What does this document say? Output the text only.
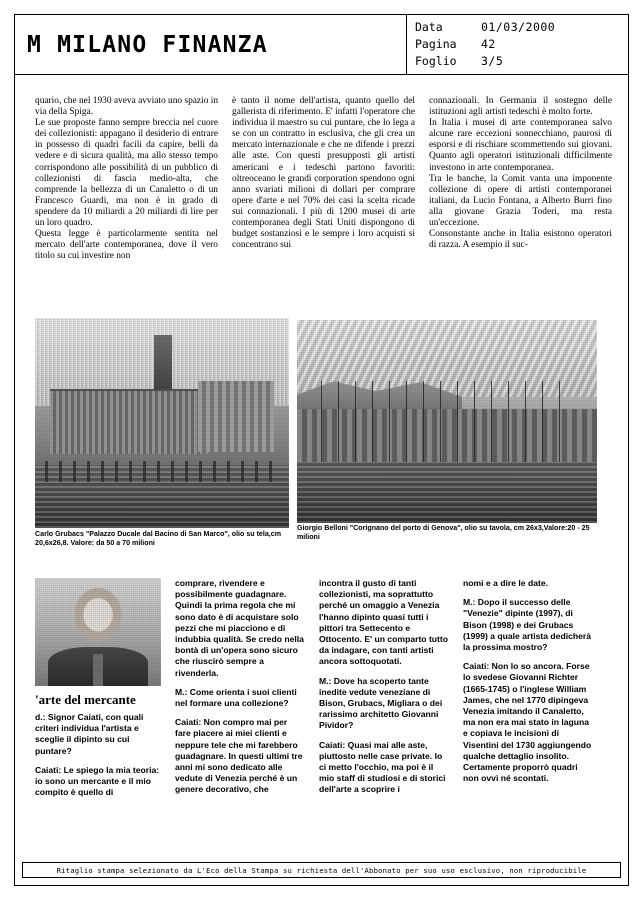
M MILANO FINANZA
Data	01/03/2000
Pagina	42
Foglio	3/5

quario, che nel 1930 aveva avviato uno spazio in via della Spiga.

Le sue proposte fanno sempre breccia nel cuore dei collezionisti: appagano il desiderio di entrare in possesso di quadri facili da capire, belli da vedere e di sicura qualità, ma allo stesso tempo corrispondono alle possibilità di un pubblico di collezionisti di fascia medio-alta, che comprende la bellezza di un Canaletto o di un Francesco Guardi, ma non è in grado di spendere da 10 miliardi a 20 miliardi di lire per un loro quadro.

Questa legge è particolarmente sentita nel mercato dell'arte contemporanea, dove il vero titolo su cui investire non

è tanto il nome dell'artista, quanto quello del gallerista di riferimento. E' infatti l'operatore che individua il maestro su cui puntare, che lo lega a se con un contratto in esclusiva, che gli crea un mercato internazionale e che ne difende i prezzi alle aste. Con questi presupposti gli artisti americani e i tedeschi partono favoriti: oltreoceano le grandi corporation spendono ogni anno svariati milioni di dollari per comprare opere d'arte e nel 70% dei casi la scelta ricade sui connazionali. I più di 1200 musei di arte contemporanea degli Stati Uniti dispongono di budget sostanziosi e le sempre i loro acquisti si concentrano sui

connazionali. In Germania il sostegno delle istituzioni agli artisti tedeschi è molto forte.

In Italia i musei di arte contemporanea salvo alcune rare eccezioni sonnecchiano, paurosi di esporsi e di rischiare scommettendo sui giovani. Quanto agli operatori istituzionali difficilmente investono in arte contemporanea.

Tra le banche, la Comit vanta una imponente collezione di opere di artisti contemporanei italiani, da Lucio Fontana, a Alberto Burri fino alla giovane Grazia Toderi, ma resta un'eccezione.

Consonstante anche in Italia esistono operatori di razza. A esempio il suc-

Carlo Grubacs "Palazzo Ducale dal Bacino di San Marco", olio su tela,cm 20,6x26,8. Valore: da 50 a 70 milioni
Giorgio Belloni "Corignano del porto di Genova", olio su tavola, cm 26x3,Valore:20 - 25 milioni
'arte del mercante

d.: Signor Caiati, con quali criteri individua l'artista e sceglie il dipinto su cui puntare?

Caiati: Le spiego la mia teoria: io sono un mercante e il mio compito è quello di

comprare, rivendere e possibilmente guadagnare. Quindi la prima regola che mi sono dato è di acquistare solo pezzi che mi piacciono e di indubbia qualità. Se credo nella bontà di un'opera sono sicuro che riuscirò sempre a rivenderla.

M.: Come orienta i suoi clienti nel formare una collezione?

Caiati: Non compro mai per fare piacere ai miei clienti e neppure tele che mi farebbero guadagnare. In questi ultimi tre anni mi sono dedicato alle vedute di Venezia perché è un genere decorativo, che

incontra il gusto di tanti collezionisti, ma soprattutto perché un omaggio a Venezia l'hanno dipinto quasi tutti i pittori tra Settecento e Ottocento. E' un comparto tutto da indagare, con tanti artisti ancora sottoquotati.

M.: Dove ha scoperto tante inedite vedute veneziane di Bison, Grubacs, Migliara o dei rarissimo architetto Giovanni Pividor?

Caiati: Quasi mai alle aste, piuttosto nelle case private. Io ci metto l'occhio, ma poi è il mio staff di studiosi e di storici dell'arte a scoprire i

nomi e a dire le date.

M.: Dopo il successo delle "Venezie" dipinte (1997), di Bison (1998) e dei Grubacs (1999) a quale artista dedicherà la prossima mostro?

Caiati: Non lo so ancora. Forse lo svedese Giovanni Richter (1665-1745) o l'inglese William James, che nel 1770 dipingeva Venezia imitando il Canaletto, ma non era mai stato in laguna e copiava le incisioni di Visentini del 1730 aggiungendo qualche dettaglio insolito. Certamente proporrò quadri non ovvi né scontati.

Ritaglio stampa selezionato da L'Eco della Stampa su richiesta dell'Abbonato per suo uso esclusivo, non riproducibile
